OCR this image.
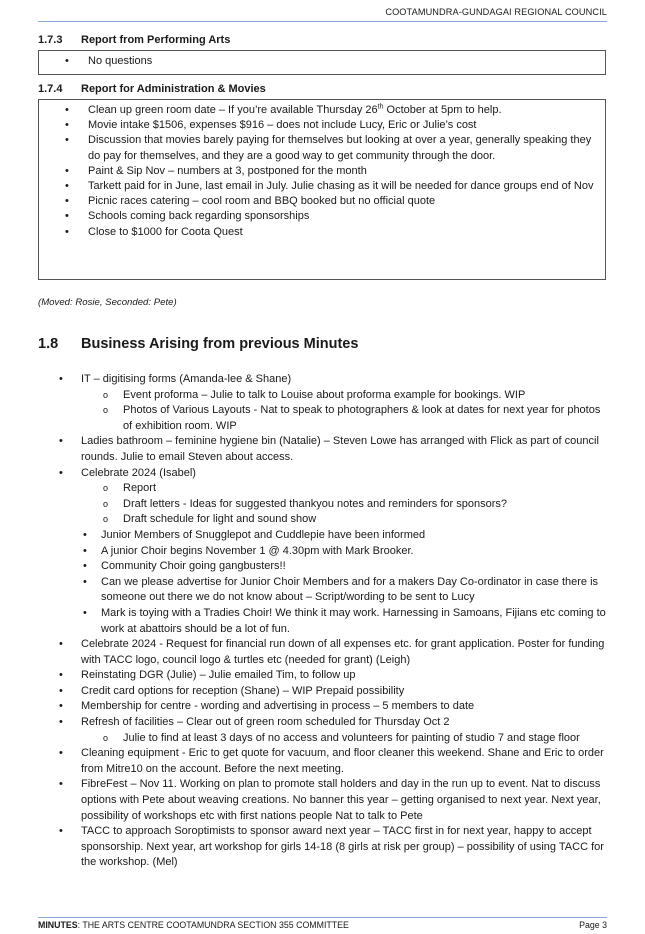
COOTAMUNDRA-GUNDAGAI REGIONAL COUNCIL
1.7.3 Report from Performing Arts
• No questions
1.7.4 Report for Administration & Movies
• Clean up green room date – If you’re available Thursday 26th October at 5pm to help.
• Movie intake $1506, expenses $916 – does not include Lucy, Eric or Julie’s cost
• Discussion that movies barely paying for themselves but looking at over a year, generally speaking they do pay for themselves, and they are a good way to get community through the door.
• Paint & Sip Nov – numbers at 3, postponed for the month
• Tarkett paid for in June, last email in July. Julie chasing as it will be needed for dance groups end of Nov
• Picnic races catering – cool room and BBQ booked but no official quote
• Schools coming back regarding sponsorships
• Close to $1000 for Coota Quest
(Moved: Rosie, Seconded: Pete)
1.8 Business Arising from previous Minutes
• IT – digitising forms (Amanda-lee & Shane)
o Event proforma – Julie to talk to Louise about proforma example for bookings. WIP
o Photos of Various Layouts - Nat to speak to photographers & look at dates for next year for photos of exhibition room. WIP
• Ladies bathroom – feminine hygiene bin (Natalie) – Steven Lowe has arranged with Flick as part of council rounds. Julie to email Steven about access.
• Celebrate 2024 (Isabel)
o Report
o Draft letters - Ideas for suggested thankyou notes and reminders for sponsors?
o Draft schedule for light and sound show
• Junior Members of Snugglepot and Cuddlepie have been informed
• A junior Choir begins November 1 @ 4.30pm with Mark Brooker.
• Community Choir going gangbusters!!
• Can we please advertise for Junior Choir Members and for a makers Day Co-ordinator in case there is someone out there we do not know about – Script/wording to be sent to Lucy
• Mark is toying with a Tradies Choir! We think it may work. Harnessing in Samoans, Fijians etc coming to work at abattoirs should be a lot of fun.
• Celebrate 2024 - Request for financial run down of all expenses etc. for grant application. Poster for funding with TACC logo, council logo & turtles etc (needed for grant) (Leigh)
• Reinstating DGR (Julie) – Julie emailed Tim, to follow up
• Credit card options for reception (Shane) – WIP Prepaid possibility
• Membership for centre - wording and advertising in process – 5 members to date
• Refresh of facilities – Clear out of green room scheduled for Thursday Oct 2
o Julie to find at least 3 days of no access and volunteers for painting of studio 7 and stage floor
• Cleaning equipment - Eric to get quote for vacuum, and floor cleaner this weekend. Shane and Eric to order from Mitre10 on the account. Before the next meeting.
• FibreFest – Nov 11. Working on plan to promote stall holders and day in the run up to event. Nat to discuss options with Pete about weaving creations. No banner this year – getting organised to next year. Next year, possibility of workshops etc with first nations people Nat to talk to Pete
• TACC to approach Soroptimists to sponsor award next year – TACC first in for next year, happy to accept sponsorship. Next year, art workshop for girls 14-18 (8 girls at risk per group) – possibility of using TACC for the workshop. (Mel)
MINUTES: THE ARTS CENTRE COOTAMUNDRA SECTION 355 COMMITTEE	Page 3
